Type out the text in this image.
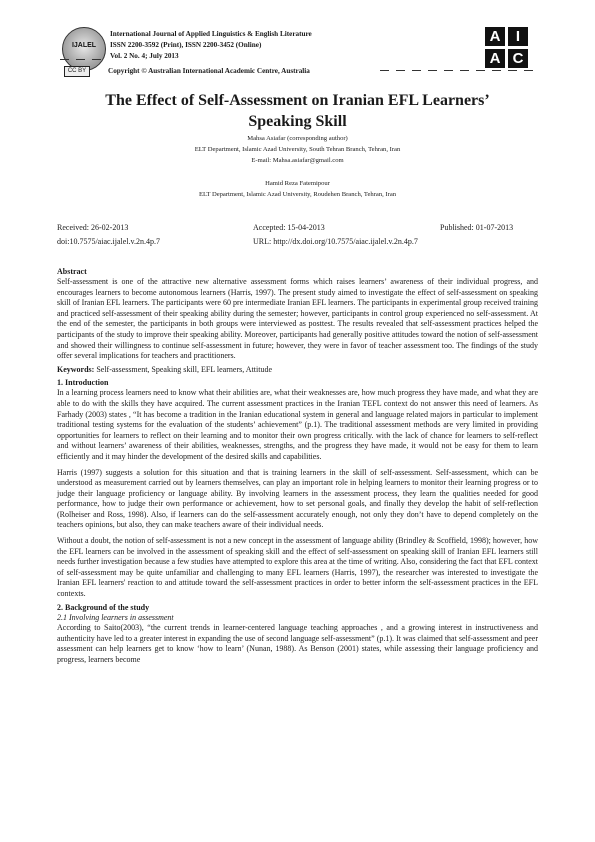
IJALEL
International Journal of Applied Linguistics & English Literature
ISSN 2200-3592 (Print), ISSN 2200-3452 (Online)
Vol. 2 No. 4; July 2013
A	I
A C
CC BY	Copyright © Australian International Academic Centre, Australia
The Effect of Self-Assessment on Iranian EFL Learners’
Speaking Skill
Mahsa Asiafar (corresponding author)
ELT Department, Islamic Azad University, South Tehran Branch, Tehran, Iran
E-mail: Mahsa.asiafar@gmail.com
Hamid Reza Fatemipour
ELT Department, Islamic Azad University, Roudehen Branch, Tehran, Iran
Received: 26-02-2013	Accepted: 15-04-2013	Published: 01-07-2013
doi:10.7575/aiac.ijalel.v.2n.4p.7	URL: http://dx.doi.org/10.7575/aiac.ijalel.v.2n.4p.7
Abstract

Self-assessment is one of the attractive new alternative assessment forms which raises learners’ awareness of their individual progress, and encourages learners to become autonomous learners (Harris, 1997). The present study aimed to investigate the effect of self-assessment on speaking skill of Iranian EFL learners. The participants were 60 pre intermediate Iranian EFL learners. The participants in experimental group received training and practiced self-assessment of their speaking ability during the semester; however, participants in control group experienced no self-assessment. At the end of the semester, the participants in both groups were interviewed as posttest. The results revealed that self-assessment practices helped the participants of the study to improve their speaking ability. Moreover, participants had generally positive attitudes toward the notion of self-assessment and showed their willingness to continue self-assessment in future; however, they were in favor of teacher assessment too. The findings of the study offer several implications for teachers and practitioners.

Keywords: Self-assessment, Speaking skill, EFL learners, Attitude
1. Introduction

In a learning process learners need to know what their abilities are, what their weaknesses are, how much progress they have made, and what they are able to do with the skills they have acquired. The current assessment practices in the Iranian TEFL context do not answer this need of learners. As Farhady (2003) states , “It has become a tradition in the Iranian educational system in general and language related majors in particular to implement traditional testing systems for the evaluation of the students’ achievement” (p.1). The traditional assessment methods are very limited in providing opportunities for learners to reflect on their learning and to monitor their own progress critically. with the lack of chance for learners to self-reflect and without learners’ awareness of their abilities, weaknesses, strengths, and the progress they have made, it would not be easy for them to learn efficiently and it may hinder the development of the desired skills and capabilities.

Harris (1997) suggests a solution for this situation and that is training learners in the skill of self-assessment. Self-assessment, which can be understood as measurement carried out by learners themselves, can play an important role in helping learners to monitor their learning progress or to judge their language proficiency or language ability. By involving learners in the assessment process, they learn the qualities needed for good performance, how to judge their own performance or achievement, how to set personal goals, and finally they develop the habit of self-reflection (Rolheiser and Ross, 1998). Also, if learners can do the self-assessment accurately enough, not only they don’t have to depend completely on the teachers opinions, but also, they can make teachers aware of their individual needs.

Without a doubt, the notion of self-assessment is not a new concept in the assessment of language ability (Brindley & Scoffield, 1998); however, how the EFL learners can be involved in the assessment of speaking skill and the effect of self-assessment on speaking skill of Iranian EFL learners still needs further investigation because a few studies have attempted to explore this area at the time of writing. Also, considering the fact that EFL context of self-assessment may be quite unfamiliar and challenging to many EFL learners (Harris, 1997), the researcher was interested to investigate the Iranian EFL learners' reaction to and attitude toward the self-assessment practices in order to better inform the self-assessment practices in the EFL contexts.

2. Background of the study
2.1 Involving learners in assessment

According to Saito(2003), “the current trends in learner-centered language teaching approaches , and a growing interest in instructiveness and authenticity have led to a greater interest in expanding the use of second language self-assessment” (p.1). It was claimed that self-assessment and peer assessment can help learners get to know ‘how to learn’ (Nunan, 1988). As Benson (2001) states, while assessing their language proficiency and progress, learners become
